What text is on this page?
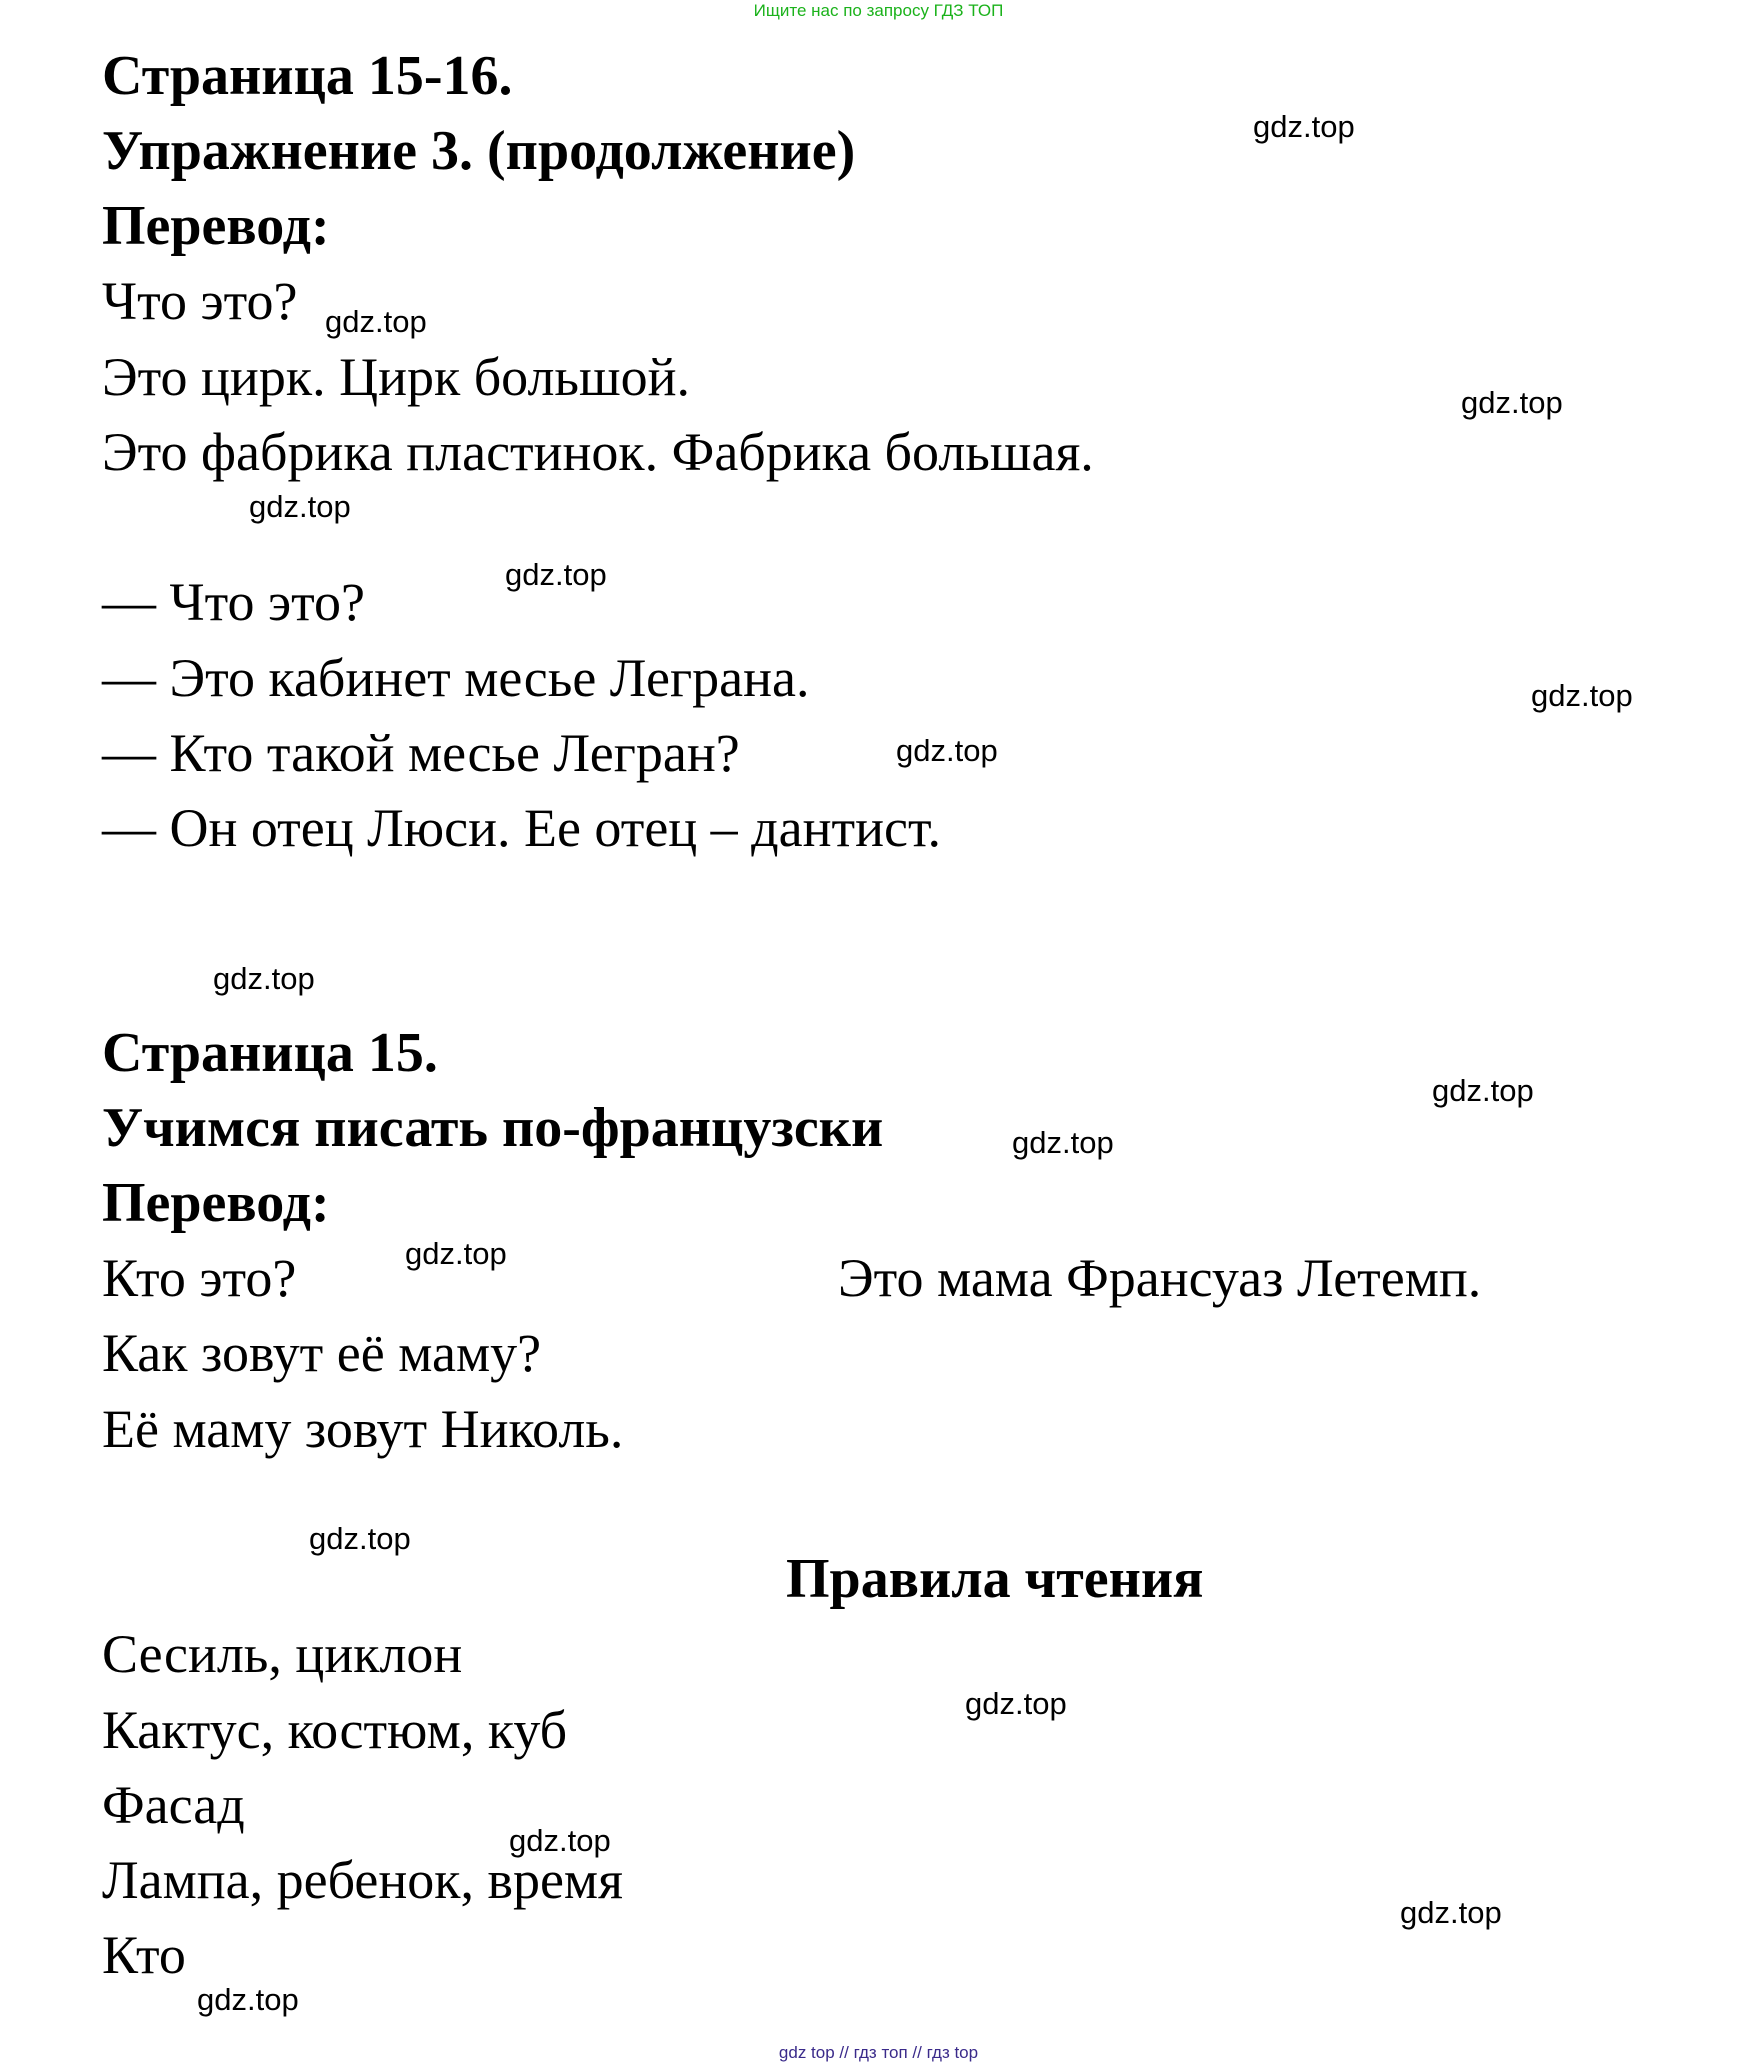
Ищите нас по запросу ГДЗ ТОП
Страница 15-16.
Упражнение 3. (продолжение)
Перевод:
Что это?
Это цирк. Цирк большой.
Это фабрика пластинок. Фабрика большая.
— Что это?
— Это кабинет месье Леграна.
— Кто такой месье Легран?
— Он отец Люси. Ее отец – дантист.
Страница 15.
Учимся писать по-французски
Перевод:
Кто это?	Это мама Франсуаз Летемп.
Как зовут её маму?
Её маму зовут Николь.
Правила чтения
Сесиль, циклон
Кактус, костюм, куб
Фасад
Лампа, ребенок, время
Кто
gdz.top
gdz.top
gdz.top
gdz.top
gdz.top
gdz.top
gdz.top
gdz.top
gdz.top
gdz.top
gdz.top
gdz.top
gdz.top
gdz.top
gdz.top
gdz.top
gdz top // гдз топ // гдз top
